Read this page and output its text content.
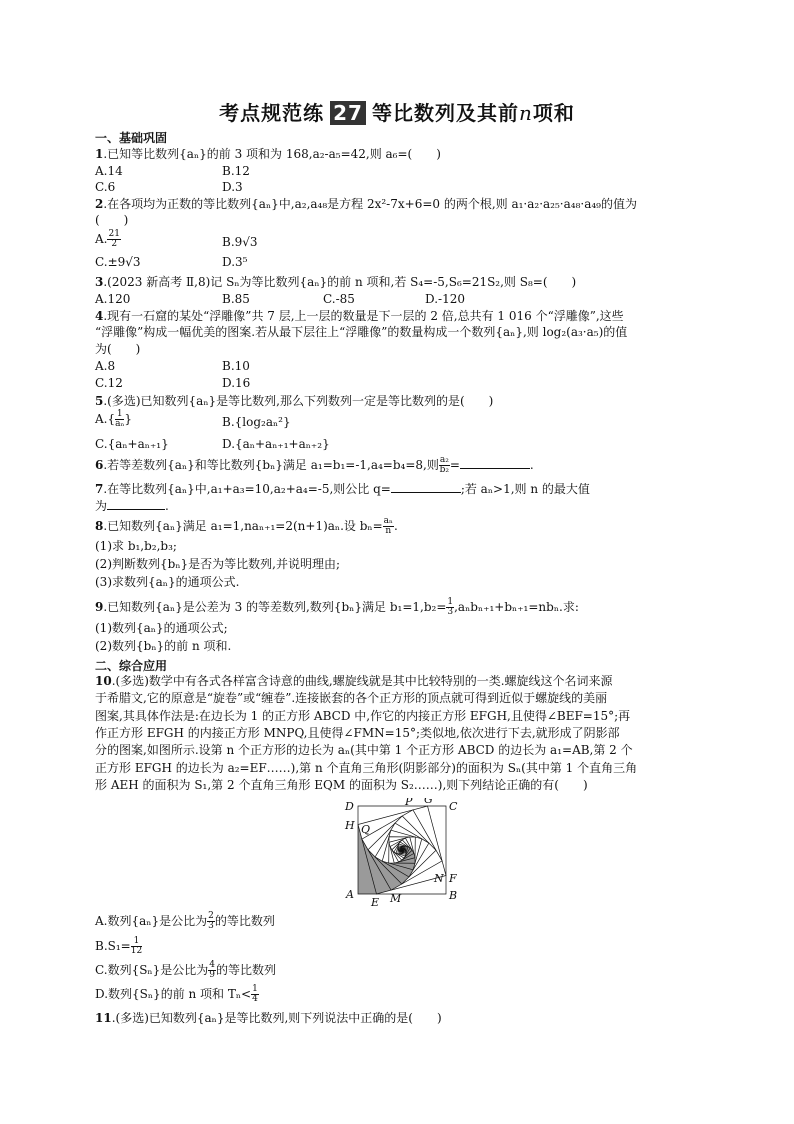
考点规范练 27 等比数列及其前n项和
一、基础巩固
1.已知等比数列{aₙ}的前 3 项和为 168,a₂-a₅=42,则 a₆=(　　)
A.14	B.12
C.6	D.3
2.在各项均为正数的等比数列{aₙ}中,a₂,a₄₈是方程 2x²-7x+6=0 的两个根,则 a₁·a₂·a₂₅·a₄₈·a₄₉的值为
(　　)
A. $\frac{21}{2}$	B.9√3
C.±9√3	D.3⁵
3.(2023 新高考 Ⅱ,8)记 Sₙ为等比数列{aₙ}的前 n 项和,若 S₄=-5,S₆=21S₂,则 S₈=(　　)
A.120	B.85	C.-85	D.-120
4.现有一石窟的某处“浮雕像”共 7 层,上一层的数量是下一层的 2 倍,总共有 1 016 个“浮雕像”,这些
“浮雕像”构成一幅优美的图案.若从最下层往上“浮雕像”的数量构成一个数列{aₙ},则 log₂(a₃·a₅)的值
为(　　)
A.8	B.10
C.12	D.16
5.(多选)已知数列{aₙ}是等比数列,那么下列数列一定是等比数列的是(　　)
$A.\{ \frac{1}{\text{aₙ}}$ }	B.{log₂aₙ²}
C.{aₙ+aₙ₊₁}	D.{aₙ+aₙ₊₁+aₙ₊₂}
6.若等差数列{aₙ}和等比数列{bₙ}满足 a₁=b₁=-1,a₄=b₄=8,则 $\frac{\text{a₂}}{\text{b₂}}$ =	.
7.在等比数列{aₙ}中,a₁+a₃=10,a₂+a₄=-5,则公比 q=	;若 aₙ>1,则 n 的最大值
为	.
8.已知数列{aₙ}满足 a₁=1,naₙ₊₁=2(n+1)aₙ.设 $b_n= \frac{\text{aₙ}}{n}$ .
(1)求 b₁,b₂,b₃;
(2)判断数列{bₙ}是否为等比数列,并说明理由;
(3)求数列{aₙ}的通项公式.
9.已知数列{aₙ}是公差为 3 的等差数列,数列{bₙ}满足 $b_1=1,b_2= \frac{1}{3} ,a_nb_{n+1}+b_{n+1}=nb_n$.求:
(1)数列{aₙ}的通项公式;
(2)数列{bₙ}的前 n 项和.
二、综合应用
10.(多选)数学中有各式各样富含诗意的曲线,螺旋线就是其中比较特别的一类.螺旋线这个名词来源
于希腊文,它的原意是“旋卷”或“缠卷”.连接嵌套的各个正方形的顶点就可得到近似于螺旋线的美丽
图案,其具体作法是:在边长为 1 的正方形 ABCD 中,作它的内接正方形 EFGH,且使得∠BEF=15°;再
作正方形 EFGH 的内接正方形 MNPQ,且使得∠FMN=15°;类似地,依次进行下去,就形成了阴影部
分的图案,如图所示.设第 n 个正方形的边长为 aₙ(其中第 1 个正方形 ABCD 的边长为 a₁=AB,第 2 个
正方形 EFGH 的边长为 a₂=EF……),第 n 个直角三角形(阴影部分)的面积为 Sₙ(其中第 1 个直角三角
形 AEH 的面积为 S₁,第 2 个直角三角形 EQM 的面积为 S₂……),则下列结论正确的有(　　)
D	P G
C
H Q
N F
A
E M	B
A.数列{aₙ}是公比为 $\frac{2}{3}$ 的等比数列
$B.S_1= \frac{1}{12}$
C.数列{Sₙ}是公比为 $\frac{4}{9}$ 的等比数列
D.数列{Sₙ}的前 n 项和 $T_n< \frac{1}{4}$
11.(多选)已知数列{aₙ}是等比数列,则下列说法中正确的是(　　)
